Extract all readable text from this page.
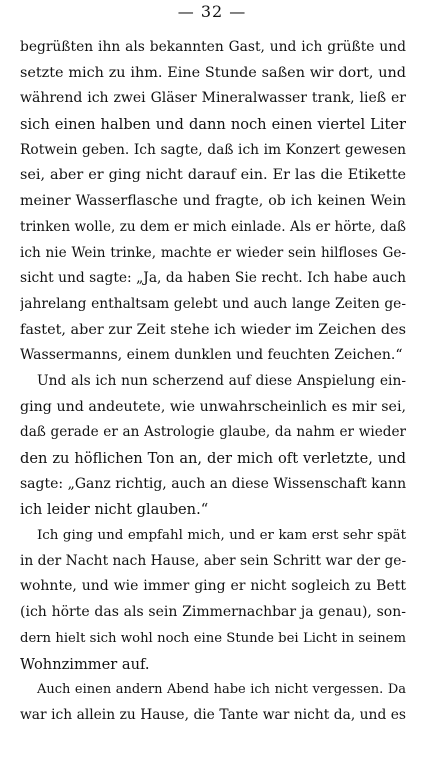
— 32 —
begrüßten ihn als bekannten Gast, und ich grüßte und
setzte mich zu ihm. Eine Stunde saßen wir dort, und
während ich zwei Gläser Mineralwasser trank, ließ er
sich einen halben und dann noch einen viertel Liter
Rotwein geben. Ich sagte, daß ich im Konzert gewesen
sei, aber er ging nicht darauf ein. Er las die Etikette
meiner Wasserflasche und fragte, ob ich keinen Wein
trinken wolle, zu dem er mich einlade. Als er hörte, daß
ich nie Wein trinke, machte er wieder sein hilfloses Ge-
sicht und sagte: „Ja, da haben Sie recht. Ich habe auch
jahrelang enthaltsam gelebt und auch lange Zeiten ge-
fastet, aber zur Zeit stehe ich wieder im Zeichen des
Wassermanns, einem dunklen und feuchten Zeichen.“
Und als ich nun scherzend auf diese Anspielung ein-
ging und andeutete, wie unwahrscheinlich es mir sei,
daß gerade er an Astrologie glaube, da nahm er wieder
den zu höflichen Ton an, der mich oft verletzte, und
sagte: „Ganz richtig, auch an diese Wissenschaft kann
ich leider nicht glauben.“
Ich ging und empfahl mich, und er kam erst sehr spät
in der Nacht nach Hause, aber sein Schritt war der ge-
wohnte, und wie immer ging er nicht sogleich zu Bett
(ich hörte das als sein Zimmernachbar ja genau), son-
dern hielt sich wohl noch eine Stunde bei Licht in seinem
Wohnzimmer auf.
Auch einen andern Abend habe ich nicht vergessen. Da
war ich allein zu Hause, die Tante war nicht da, und es
